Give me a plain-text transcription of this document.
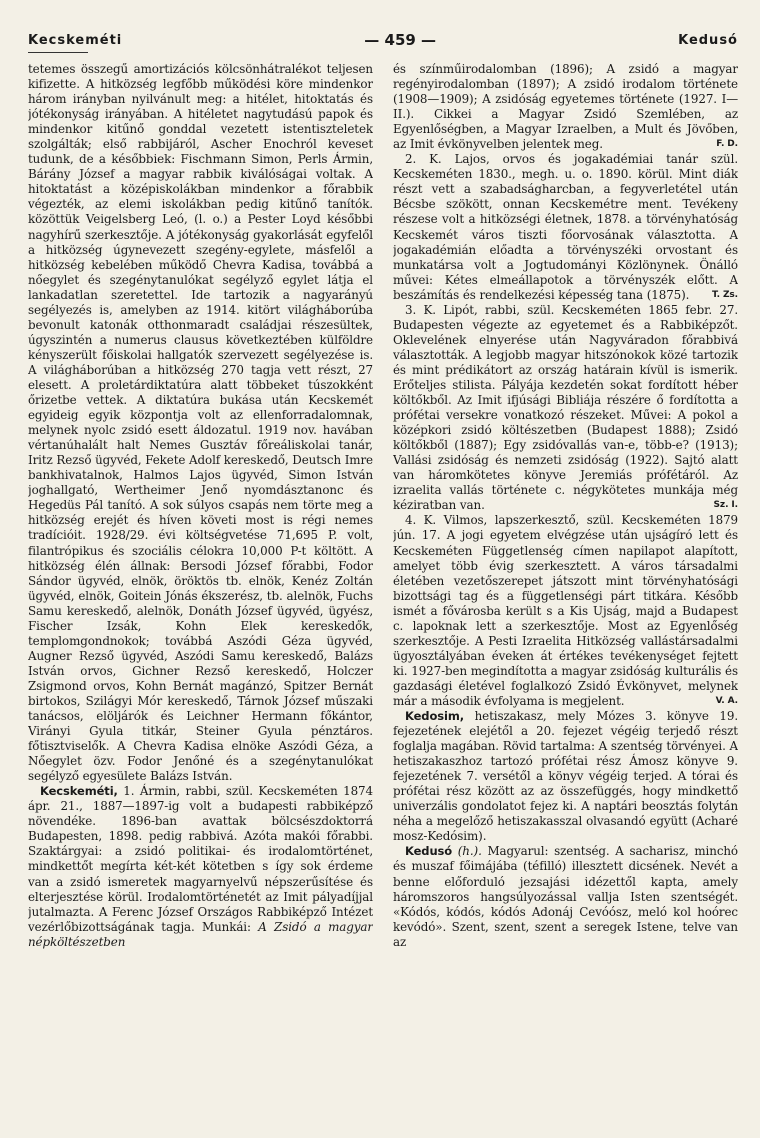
Kecskeméti	— 459 —	Kedusó

tetemes összegű amortizációs kölcsönhátralékot teljesen kifizette. A hitközség legfőbb működési köre mindenkor három irányban nyilvánult meg: a hitélet, hitoktatás és jótékonyság irányában. A hitéletet nagytudású papok és mindenkor kitűnő gonddal vezetett istentiszteletek szolgálták; első rabbijáról, Ascher Enochról keveset tudunk, de a későbbiek: Fischmann Simon, Perls Ármin, Bárány József a magyar rabbik kiválóságai voltak. A hitoktatást a középiskolákban mindenkor a főrabbik végezték, az elemi iskolákban pedig kitűnő tanítók. közöttük Veigelsberg Leó, (l. o.) a Pester Loyd későbbi nagyhírű szerkesztője. A jótékonyság gyakorlását egyfelől a hitközség úgynevezett szegény-egylete, másfelől a hitközség kebelében működő Chevra Kadisa, továbbá a nőegylet és szegénytanulókat segélyző egylet látja el lankadatlan szeretettel. Ide tartozik a nagyarányú segélyezés is, amelyben az 1914. kitört világháborúba bevonult katonák otthonmaradt családjai részesültek, úgyszintén a numerus clausus következtében külföldre kényszerült főiskolai hallgatók szervezett segélyezése is. A világháborúban a hitközség 270 tagja vett részt, 27 elesett. A proletárdiktatúra alatt többeket túszokként őrizetbe vettek. A diktatúra bukása után Kecskemét egyideig egyik központja volt az ellenforradalomnak, melynek nyolc zsidó esett áldozatul. 1919 nov. havában vértanúhalált halt Nemes Gusztáv főreáliskolai tanár, Iritz Rezső ügyvéd, Fekete Adolf kereskedő, Deutsch Imre bankhivatalnok, Halmos Lajos ügyvéd, Simon István joghallgató, Wertheimer Jenő nyomdásztanonc és Hegedüs Pál tanító. A sok súlyos csapás nem törte meg a hitközség erejét és híven követi most is régi nemes tradícióit. 1928/29. évi költségvetése 71,695 P. volt, filantrópikus és szociális célokra 10,000 P-t költött. A hitközség élén állnak: Bersodi József főrabbi, Fodor Sándor ügyvéd, elnök, öröktös tb. elnök, Kenéz Zoltán ügyvéd, elnök, Goitein Jónás ékszerész, tb. alelnök, Fuchs Samu kereskedő, alelnök, Donáth József ügyvéd, ügyész, Fischer Izsák, Kohn Elek kereskedők, templomgondnokok; továbbá Aszódi Géza ügyvéd, Augner Rezső ügyvéd, Aszódi Samu kereskedő, Balázs István orvos, Gichner Rezső kereskedő, Holczer Zsigmond orvos, Kohn Bernát magánzó, Spitzer Bernát birtokos, Szilágyi Mór kereskedő, Tárnok József műszaki tanácsos, elöljárók és Leichner Hermann főkántor, Virányi Gyula titkár, Steiner Gyula pénztáros. főtisztviselők. A Chevra Kadisa elnöke Aszódi Géza, a Nőegylet özv. Fodor Jenőné és a szegénytanulókat segélyző egyesülete Balázs István.

Kecskeméti, 1. Ármin, rabbi, szül. Kecskeméten 1874 ápr. 21., 1887—1897-ig volt a budapesti rabbiképző növendéke. 1896-ban avattak bölcsészdoktorrá Budapesten, 1898. pedig rabbivá. Azóta makói főrabbi. Szaktárgyai: a zsidó politikai- és irodalomtörténet, mindkettőt megírta két-két kötetben s így sok érdeme van a zsidó ismeretek magyarnyelvű népszerűsítése és elterjesztése körül. Irodalomtörténetét az Imit pályadíjjal jutalmazta. A Ferenc József Országos Rabbiképző Intézet vezérlőbizottságának tagja. Munkái: A Zsidó a magyar népköltészetben

és színműirodalomban (1896); A zsidó a magyar regényirodalomban (1897); A zsidó irodalom története (1908—1909); A zsidóság egyetemes története (1927. I—II.). Cikkei a Magyar Zsidó Szemlében, az Egyenlőségben, a Magyar Izraelben, a Mult és Jövőben, az Imit évkönyvelben jelentek meg.	F. D.

2. K. Lajos, orvos és jogakadémiai tanár szül. Kecskeméten 1830., megh. u. o. 1890. körül. Mint diák részt vett a szabadságharcban, a fegyverletétel után Bécsbe szökött, onnan Kecskemétre ment. Tevékeny részese volt a hitközségi életnek, 1878. a törvényhatóság Kecskemét város tiszti főorvosának választotta. A jogakadémián előadta a törvényszéki orvostant és munkatársa volt a Jogtudományi Közlönynek. Önálló művei: Kétes elmeállapotok a törvényszék előtt. A beszámítás és rendelkezési képesség tana (1875).	T. Zs.

3. K. Lipót, rabbi, szül. Kecskeméten 1865 febr. 27. Budapesten végezte az egyetemet és a Rabbiképzőt. Oklevelének elnyerése után Nagyváradon főrabbivá választották. A legjobb magyar hitszónokok közé tartozik és mint prédikátort az ország határain kívül is ismerik. Erőteljes stilista. Pályája kezdetén sokat fordított héber költőkből. Az Imit ifjúsági Bibliája részére ő fordította a prófétai versekre vonatkozó részeket. Művei: A pokol a középkori zsidó költészetben (Budapest 1888); Zsidó költőkből (1887); Egy zsidóvallás van-e, több-e? (1913); Vallási zsidóság és nemzeti zsidóság (1922). Sajtó alatt van háromkötetes könyve Jeremiás prófétáról. Az izraelita vallás története c. négykötetes munkája még kéziratban van.	Sz. I.

4. K. Vilmos, lapszerkesztő, szül. Kecskeméten 1879 jún. 17. A jogi egyetem elvégzése után ujságíró lett és Kecskeméten Függetlenség címen napilapot alapított, amelyet több évig szerkesztett. A város társadalmi életében vezetőszerepet játszott mint törvényhatósági bizottsági tag és a függetlenségi párt titkára. Később ismét a fővárosba került s a Kis Ujság, majd a Budapest c. lapoknak lett a szerkesztője. Most az Egyenlőség szerkesztője. A Pesti Izraelita Hitközség vallástársadalmi ügyosztályában éveken át értékes tevékenységet fejtett ki. 1927-ben megindította a magyar zsidóság kulturális és gazdasági életével foglalkozó Zsidó Évkönyvet, melynek már a második évfolyama is megjelent.	V. A.

Kedosim, hetiszakasz, mely Mózes 3. könyve 19. fejezetének elejétől a 20. fejezet végéig terjedő részt foglalja magában. Rövid tartalma: A szentség törvényei. A hetiszakaszhoz tartozó prófétai rész Ámosz könyve 9. fejezetének 7. versétől a könyv végéig terjed. A tórai és prófétai rész között az az összefüggés, hogy mindkettő univerzális gondolatot fejez ki. A naptári beosztás folytán néha a megelőző hetiszakasszal olvasandó együtt (Acharé mosz-Kedósim).

Kedusó (h.). Magyarul: szentség. A sacharisz, minchó és muszaf főimájába (téfilló) illesztett dicsének. Nevét a benne előforduló jezsajási idézettől kapta, amely háromszoros hangsúlyozással vallja Isten szentségét. «Kódós, kódós, kódós Adonáj Cevóósz, meló kol hoórec kevódó». Szent, szent, szent a seregek Istene, telve van az
